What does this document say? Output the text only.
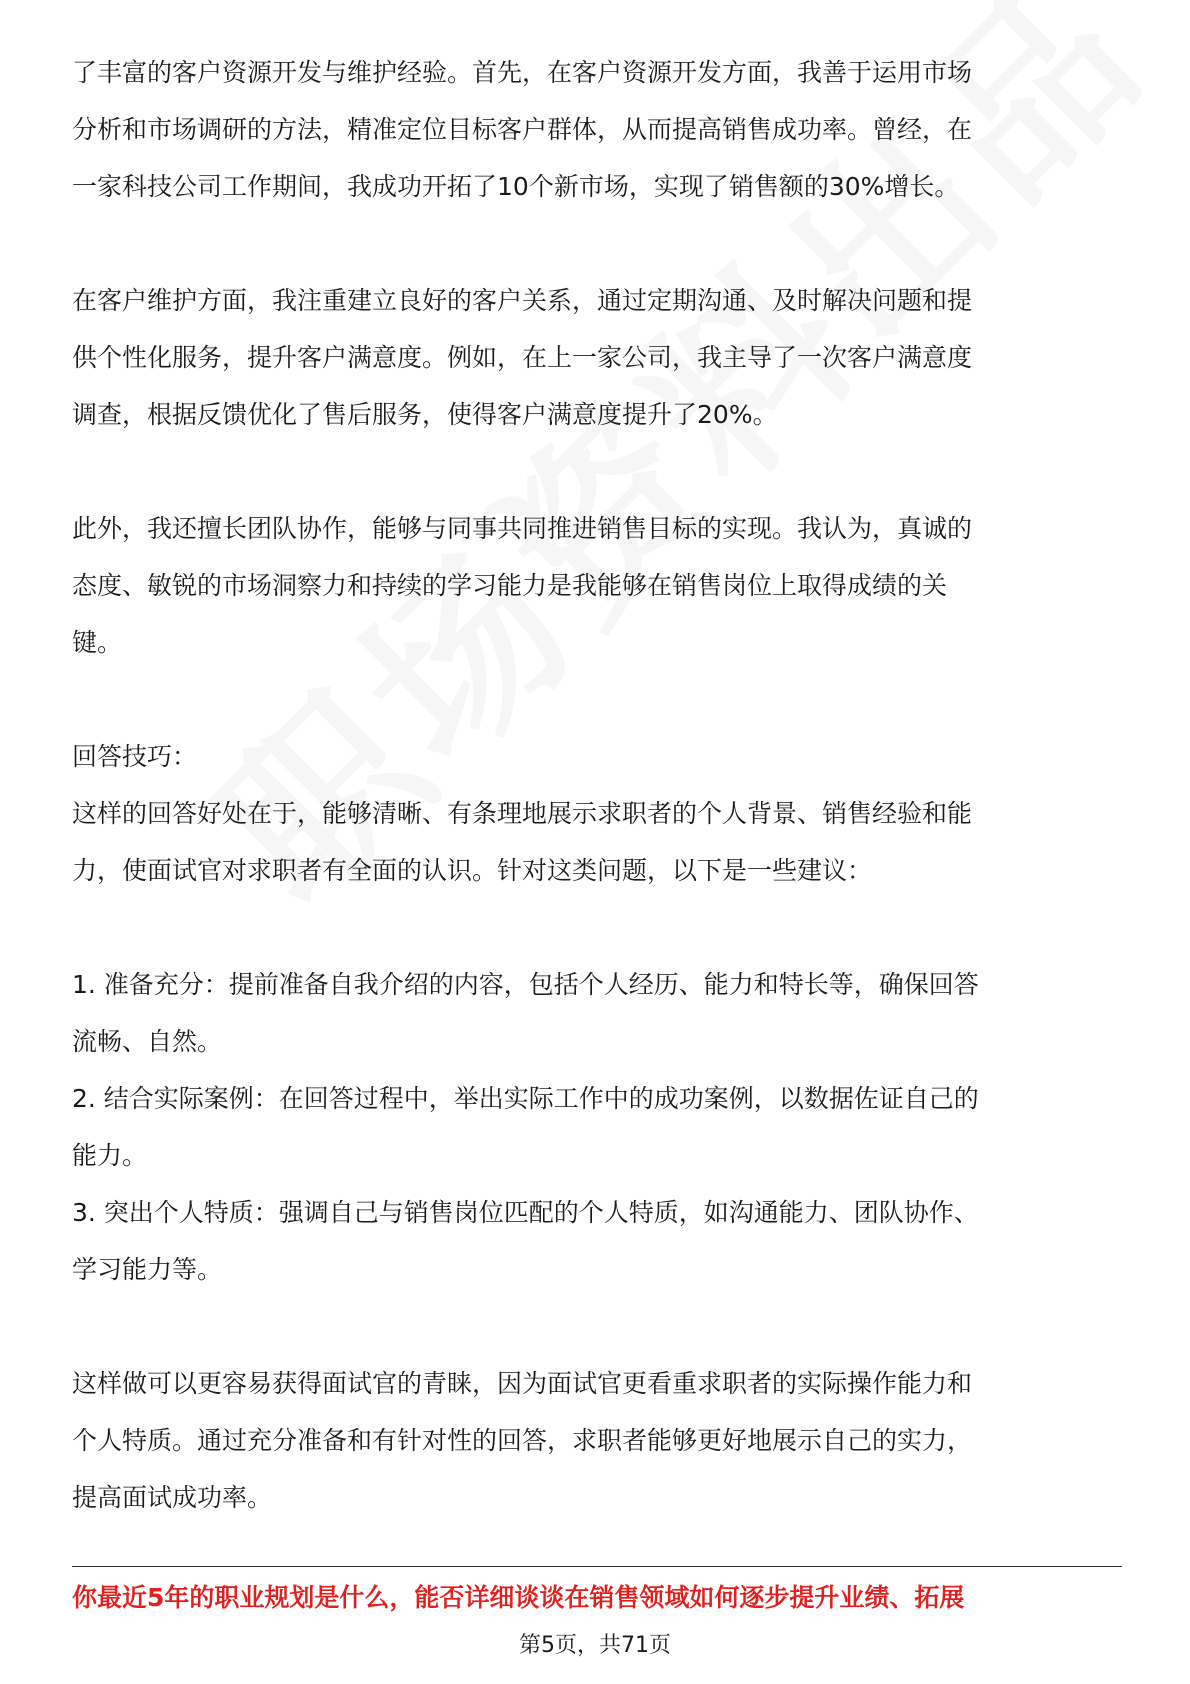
了丰富的客户资源开发与维护经验。首先，在客户资源开发方面，我善于运用市场
分析和市场调研的方法，精准定位目标客户群体，从而提高销售成功率。曾经，在
一家科技公司工作期间，我成功开拓了10个新市场，实现了销售额的30%增长。
在客户维护方面，我注重建立良好的客户关系，通过定期沟通、及时解决问题和提
供个性化服务，提升客户满意度。例如，在上一家公司，我主导了一次客户满意度
调查，根据反馈优化了售后服务，使得客户满意度提升了20%。
此外，我还擅长团队协作，能够与同事共同推进销售目标的实现。我认为，真诚的
态度、敏锐的市场洞察力和持续的学习能力是我能够在销售岗位上取得成绩的关
键。
回答技巧：
这样的回答好处在于，能够清晰、有条理地展示求职者的个人背景、销售经验和能
力，使面试官对求职者有全面的认识。针对这类问题，以下是一些建议：
1. 准备充分：提前准备自我介绍的内容，包括个人经历、能力和特长等，确保回答
流畅、自然。
2. 结合实际案例：在回答过程中，举出实际工作中的成功案例，以数据佐证自己的
能力。
3. 突出个人特质：强调自己与销售岗位匹配的个人特质，如沟通能力、团队协作、
学习能力等。
这样做可以更容易获得面试官的青睐，因为面试官更看重求职者的实际操作能力和
个人特质。通过充分准备和有针对性的回答，求职者能够更好地展示自己的实力，
提高面试成功率。
你最近5年的职业规划是什么，能否详细谈谈在销售领域如何逐步提升业绩、拓展
第5页，共71页
